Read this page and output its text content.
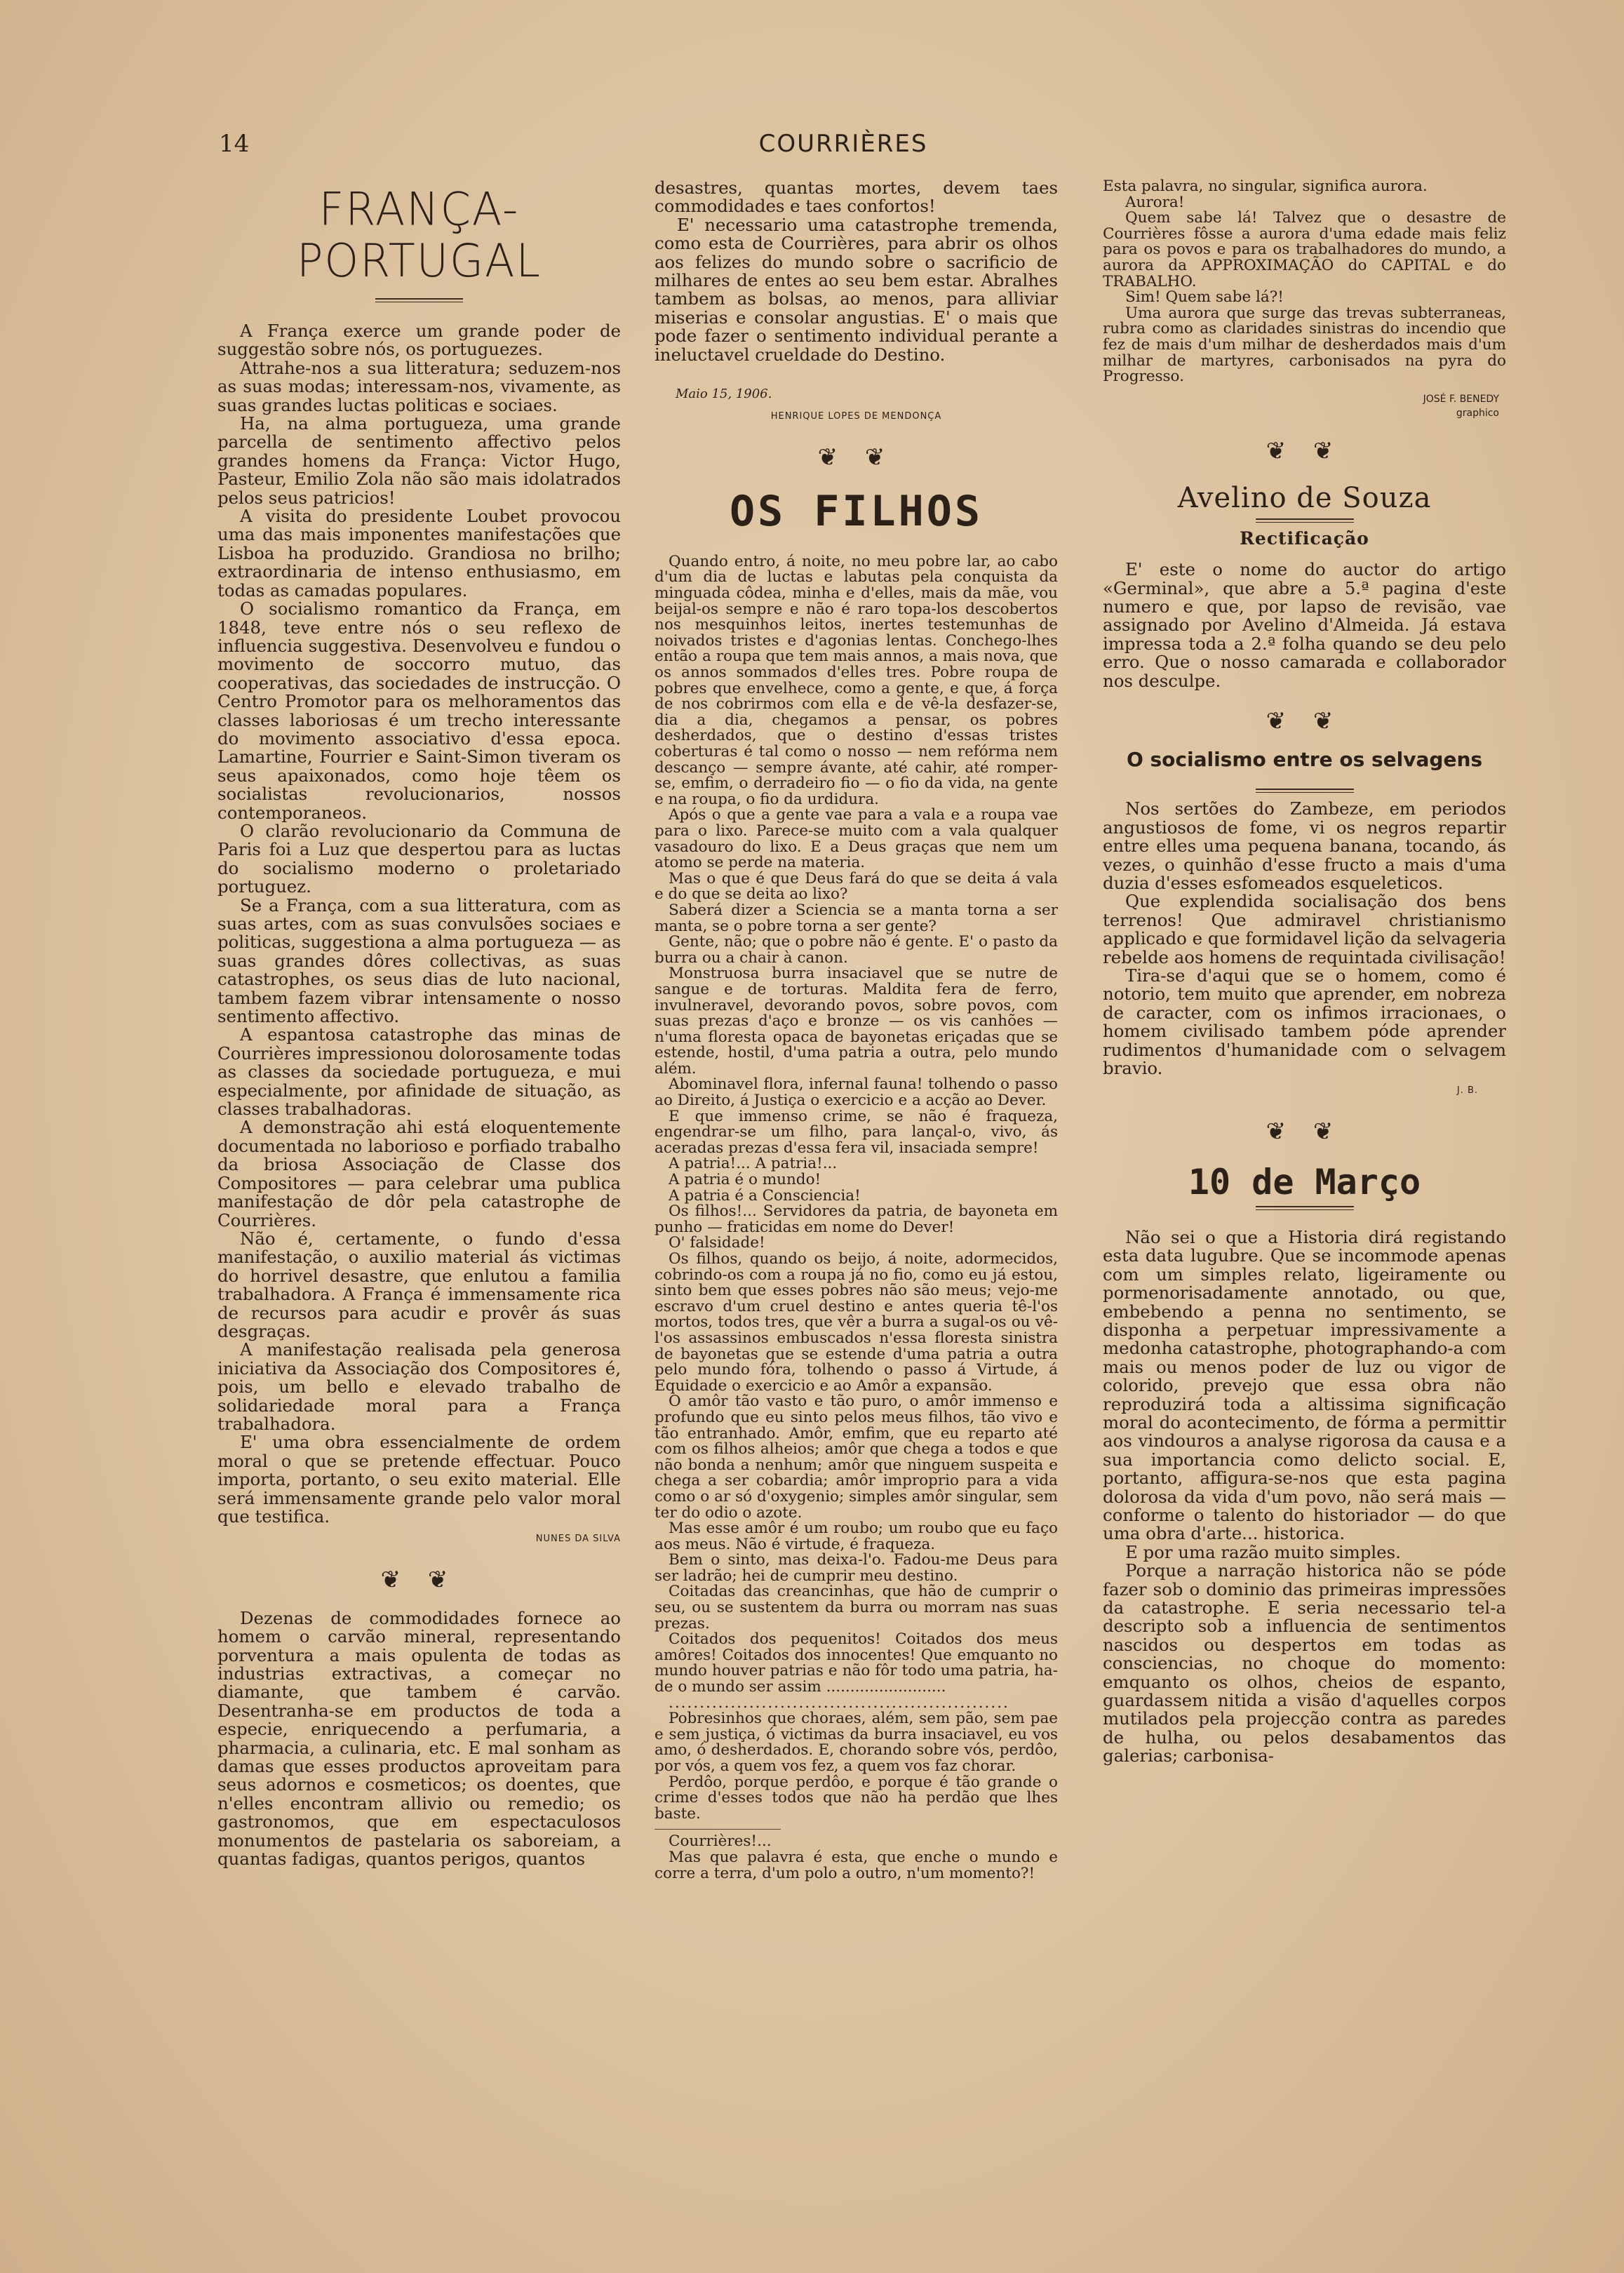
14	COURRIÈRES
FRANÇA-PORTUGAL

A França exerce um grande poder de suggestão sobre nós, os portuguezes.

Attrahe-nos a sua litteratura; seduzem-nos as suas modas; interessam-nos, vivamente, as suas grandes luctas politicas e sociaes.

Ha, na alma portugueza, uma grande parcella de sentimento affectivo pelos grandes homens da França: Victor Hugo, Pasteur, Emilio Zola não são mais idolatrados pelos seus patricios!

A visita do presidente Loubet provocou uma das mais imponentes manifestações que Lisboa ha produzido. Grandiosa no brilho; extraordinaria de intenso enthusiasmo, em todas as camadas populares.

O socialismo romantico da França, em 1848, teve entre nós o seu reflexo de influencia suggestiva. Desenvolveu e fundou o movimento de soccorro mutuo, das cooperativas, das sociedades de instrucção. O Centro Promotor para os melhoramentos das classes laboriosas é um trecho interessante do movimento associativo d'essa epoca. Lamartine, Fourrier e Saint-Simon tiveram os seus apaixonados, como hoje têem os socialistas revolucionarios, nossos contemporaneos.

O clarão revolucionario da Communa de Paris foi a Luz que despertou para as luctas do socialismo moderno o proletariado portuguez.

Se a França, com a sua litteratura, com as suas artes, com as suas convulsões sociaes e politicas, suggestiona a alma portugueza — as suas grandes dôres collectivas, as suas catastrophes, os seus dias de luto nacional, tambem fazem vibrar intensamente o nosso sentimento affectivo.

A espantosa catastrophe das minas de Courrières impressionou dolorosamente todas as classes da sociedade portugueza, e mui especialmente, por afinidade de situação, as classes trabalhadoras.

A demonstração ahi está eloquentemente documentada no laborioso e porfiado trabalho da briosa Associação de Classe dos Compositores — para celebrar uma publica manifestação de dôr pela catastrophe de Courrières.

Não é, certamente, o fundo d'essa manifestação, o auxilio material ás victimas do horrivel desastre, que enlutou a familia trabalhadora. A França é immensamente rica de recursos para acudir e provêr ás suas desgraças.

A manifestação realisada pela generosa iniciativa da Associação dos Compositores é, pois, um bello e elevado trabalho de solidariedade moral para a França trabalhadora.

E' uma obra essencialmente de ordem moral o que se pretende effectuar. Pouco importa, portanto, o seu exito material. Elle será immensamente grande pelo valor moral que testifica.

NUNES DA SILVA
❦ ❦

Dezenas de commodidades fornece ao homem o carvão mineral, representando porventura a mais opulenta de todas as industrias extractivas, a começar no diamante, que tambem é carvão. Desentranha-se em productos de toda a especie, enriquecendo a perfumaria, a pharmacia, a culinaria, etc. E mal sonham as damas que esses productos aproveitam para seus adornos e cosmeticos; os doentes, que n'elles encontram allivio ou remedio; os gastronomos, que em espectaculosos monumentos de pastelaria os saboreiam, a quantas fadigas, quantos perigos, quantos

desastres, quantas mortes, devem taes commodidades e taes confortos!

E' necessario uma catastrophe tremenda, como esta de Courrières, para abrir os olhos aos felizes do mundo sobre o sacrificio de milhares de entes ao seu bem estar. Abralhes tambem as bolsas, ao menos, para alliviar miserias e consolar angustias. E' o mais que pode fazer o sentimento individual perante a ineluctavel crueldade do Destino.

Maio 15, 1906.
HENRIQUE LOPES DE MENDONÇA
❦ ❦
OS FILHOS

Quando entro, á noite, no meu pobre lar, ao cabo d'um dia de luctas e labutas pela conquista da minguada côdea, minha e d'elles, mais da mãe, vou beijal-os sempre e não é raro topa-los descobertos nos mesquinhos leitos, inertes testemunhas de noivados tristes e d'agonias lentas. Conchego-lhes então a roupa que tem mais annos, a mais nova, que os annos sommados d'elles tres. Pobre roupa de pobres que envelhece, como a gente, e que, á força de nos cobrirmos com ella e de vê-la desfazer-se, dia a dia, chegamos a pensar, os pobres desherdados, que o destino d'essas tristes coberturas é tal como o nosso — nem refórma nem descanço — sempre ávante, até cahir, até romper-se, emfim, o derradeiro fio — o fio da vida, na gente e na roupa, o fio da urdidura.

Após o que a gente vae para a vala e a roupa vae para o lixo. Parece-se muito com a vala qualquer vasadouro do lixo. E a Deus graças que nem um atomo se perde na materia.

Mas o que é que Deus fará do que se deita á vala e do que se deita ao lixo?

Saberá dizer a Sciencia se a manta torna a ser manta, se o pobre torna a ser gente?

Gente, não; que o pobre não é gente. E' o pasto da burra ou a chair à canon.

Monstruosa burra insaciavel que se nutre de sangue e de torturas. Maldita fera de ferro, invulneravel, devorando povos, sobre povos, com suas prezas d'aço e bronze — os vis canhões — n'uma floresta opaca de bayonetas eriçadas que se estende, hostil, d'uma patria a outra, pelo mundo além.

Abominavel flora, infernal fauna! tolhendo o passo ao Direito, á Justiça o exercicio e a acção ao Dever.

E que immenso crime, se não é fraqueza, engendrar-se um filho, para lançal-o, vivo, ás aceradas prezas d'essa fera vil, insaciada sempre!

A patria!... A patria!...

A patria é o mundo!

A patria é a Consciencia!

Os filhos!... Servidores da patria, de bayoneta em punho — fraticidas em nome do Dever!

O' falsidade!

Os filhos, quando os beijo, á noite, adormecidos, cobrindo-os com a roupa já no fio, como eu já estou, sinto bem que esses pobres não são meus; vejo-me escravo d'um cruel destino e antes queria tê-l'os mortos, todos tres, que vêr a burra a sugal-os ou vê-l'os assassinos embuscados n'essa floresta sinistra de bayonetas que se estende d'uma patria a outra pelo mundo fóra, tolhendo o passo á Virtude, á Equidade o exercicio e ao Amôr a expansão.

O amôr tão vasto e tão puro, o amôr immenso e profundo que eu sinto pelos meus filhos, tão vivo e tão entranhado. Amôr, emfim, que eu reparto até com os filhos alheios; amôr que chega a todos e que não bonda a nenhum; amôr que ninguem suspeita e chega a ser cobardia; amôr improprio para a vida como o ar só d'oxygenio; simples amôr singular, sem ter do odio o azote.

Mas esse amôr é um roubo; um roubo que eu faço aos meus. Não é virtude, é fraqueza.

Bem o sinto, mas deixa-l'o. Fadou-me Deus para ser ladrão; hei de cumprir meu destino.

Coitadas das creancinhas, que hão de cumprir o seu, ou se sustentem da burra ou morram nas suas prezas.

Coitados dos pequenitos! Coitados dos meus amôres! Coitados dos innocentes! Que emquanto no mundo houver patrias e não fôr todo uma patria, ha-de o mundo ser assim .........................

.......................................................

Pobresinhos que choraes, além, sem pão, sem pae e sem justiça, ó victimas da burra insaciavel, eu vos amo, ó desherdados. E, chorando sobre vós, perdôo, por vós, a quem vos fez, a quem vos faz chorar.

Perdôo, porque perdôo, e porque é tão grande o crime d'esses todos que não ha perdão que lhes baste.

Courrières!...

Mas que palavra é esta, que enche o mundo e corre a terra, d'um polo a outro, n'um momento?!

Esta palavra, no singular, significa aurora.

Aurora!

Quem sabe lá! Talvez que o desastre de Courrières fôsse a aurora d'uma edade mais feliz para os povos e para os trabalhadores do mundo, a aurora da APPROXIMAÇÃO do CAPITAL e do TRABALHO.

Sim! Quem sabe lá?!

Uma aurora que surge das trevas subterraneas, rubra como as claridades sinistras do incendio que fez de mais d'um milhar de desherdados mais d'um milhar de martyres, carbonisados na pyra do Progresso.

JOSÉ F. BENEDY
graphico
❦ ❦
Avelino de Souza
Rectificação

E' este o nome do auctor do artigo «Germinal», que abre a 5.ª pagina d'este numero e que, por lapso de revisão, vae assignado por Avelino d'Almeida. Já estava impressa toda a 2.ª folha quando se deu pelo erro. Que o nosso camarada e collaborador nos desculpe.

❦ ❦
O socialismo entre os selvagens

Nos sertões do Zambeze, em periodos angustiosos de fome, vi os negros repartir entre elles uma pequena banana, tocando, ás vezes, o quinhão d'esse fructo a mais d'uma duzia d'esses esfomeados esqueleticos.

Que explendida socialisação dos bens terrenos! Que admiravel christianismo applicado e que formidavel lição da selvageria rebelde aos homens de requintada civilisação!

Tira-se d'aqui que se o homem, como é notorio, tem muito que aprender, em nobreza de caracter, com os infimos irracionaes, o homem civilisado tambem póde aprender rudimentos d'humanidade com o selvagem bravio.

J. B.
❦ ❦
10 de Março

Não sei o que a Historia dirá registando esta data lugubre. Que se incommode apenas com um simples relato, ligeiramente ou pormenorisadamente annotado, ou que, embebendo a penna no sentimento, se disponha a perpetuar impressivamente a medonha catastrophe, photographando-a com mais ou menos poder de luz ou vigor de colorido, prevejo que essa obra não reproduzirá toda a altissima significação moral do acontecimento, de fórma a permittir aos vindouros a analyse rigorosa da causa e a sua importancia como delicto social. E, portanto, affigura-se-nos que esta pagina dolorosa da vida d'um povo, não será mais — conforme o talento do historiador — do que uma obra d'arte... historica.

E por uma razão muito simples.

Porque a narração historica não se póde fazer sob o dominio das primeiras impressões da catastrophe. E seria necessario tel-a descripto sob a influencia de sentimentos nascidos ou despertos em todas as consciencias, no choque do momento: emquanto os olhos, cheios de espanto, guardassem nitida a visão d'aquelles corpos mutilados pela projecção contra as paredes de hulha, ou pelos desabamentos das galerias; carbonisa-
